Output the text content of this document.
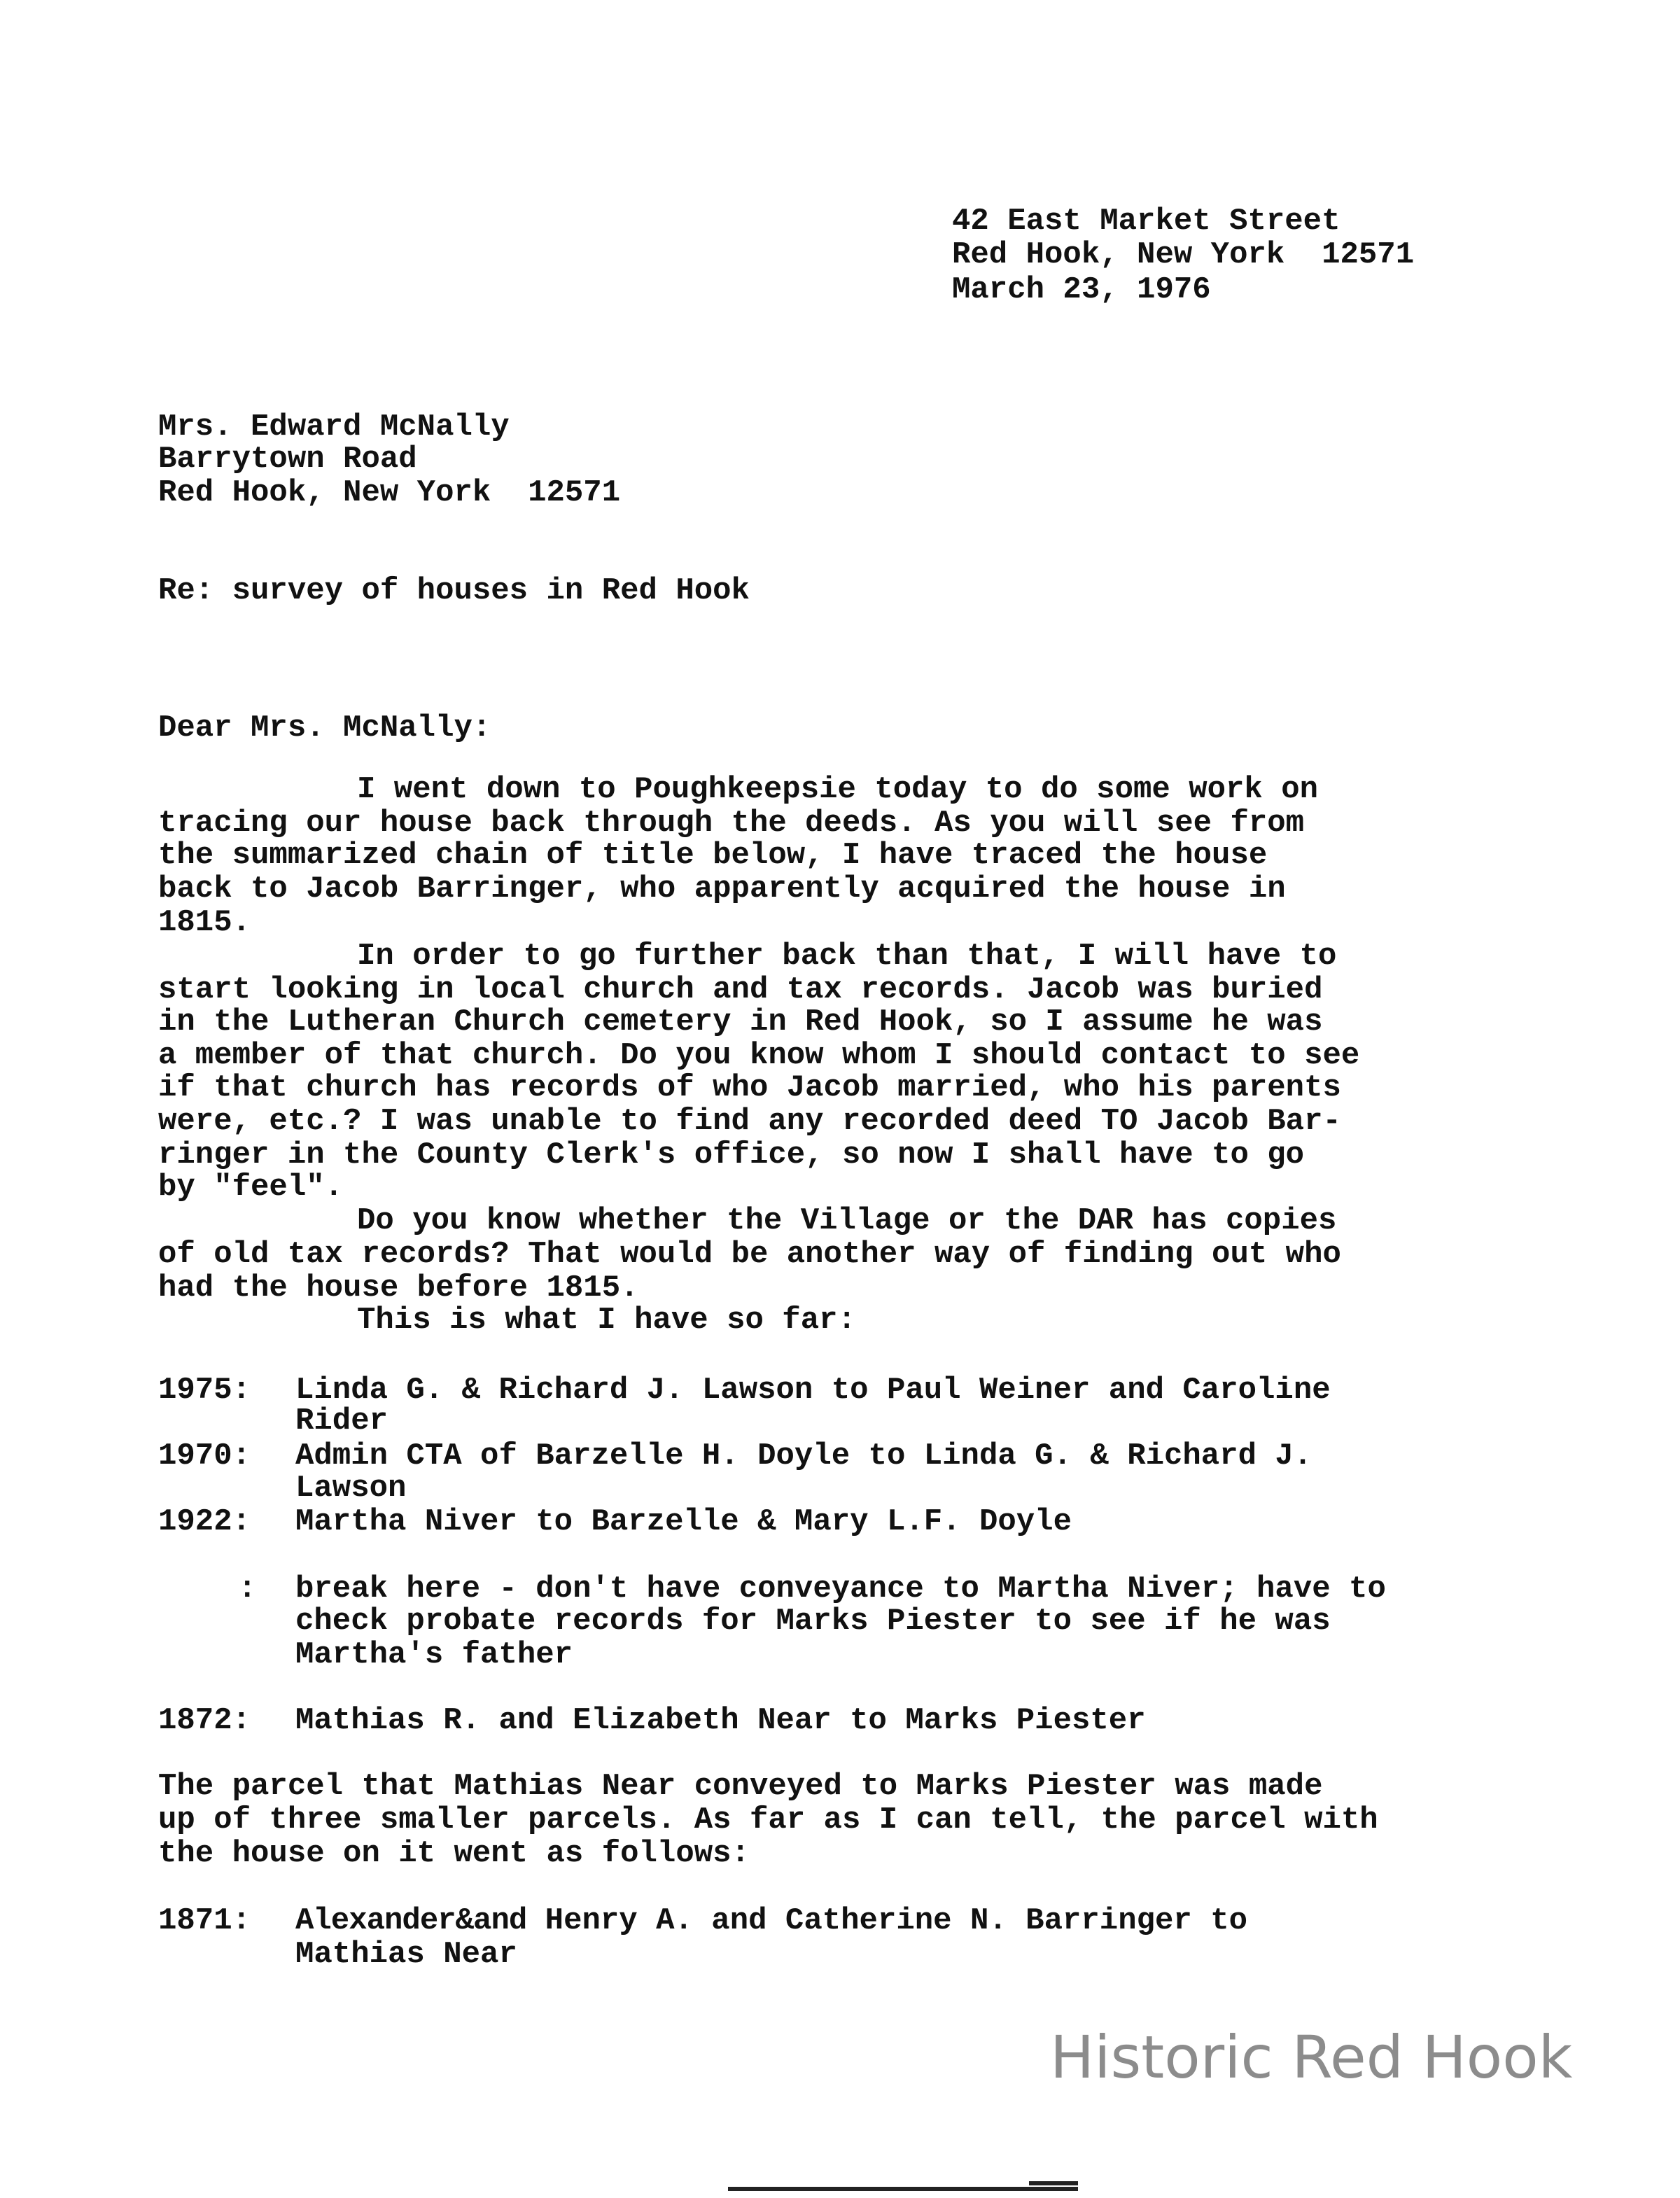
42 East Market Street
Red Hook, New York  12571
March 23, 1976
Mrs. Edward McNally
Barrytown Road
Red Hook, New York  12571
Re: survey of houses in Red Hook
Dear Mrs. McNally:
I went down to Poughkeepsie today to do some work on
tracing our house back through the deeds. As you will see from
the summarized chain of title below, I have traced the house
back to Jacob Barringer, who apparently acquired the house in
1815.
In order to go further back than that, I will have to
start looking in local church and tax records. Jacob was buried
in the Lutheran Church cemetery in Red Hook, so I assume he was
a member of that church. Do you know whom I should contact to see
if that church has records of who Jacob married, who his parents
were, etc.? I was unable to find any recorded deed TO Jacob Bar-
ringer in the County Clerk's office, so now I shall have to go
by "feel".
Do you know whether the Village or the DAR has copies
of old tax records? That would be another way of finding out who
had the house before 1815.
This is what I have so far:
1975: Linda G. & Richard J. Lawson to Paul Weiner and Caroline
Rider
1970: Admin CTA of Barzelle H. Doyle to Linda G. & Richard J.
Lawson
1922: Martha Niver to Barzelle & Mary L.F. Doyle
: break here - don't have conveyance to Martha Niver; have to
check probate records for Marks Piester to see if he was
Martha's father
1872: Mathias R. and Elizabeth Near to Marks Piester
The parcel that Mathias Near conveyed to Marks Piester was made
up of three smaller parcels. As far as I can tell, the parcel with
the house on it went as follows:
1871: Alexander&and Henry A. and Catherine N. Barringer to
Mathias Near
Historic Red Hook
